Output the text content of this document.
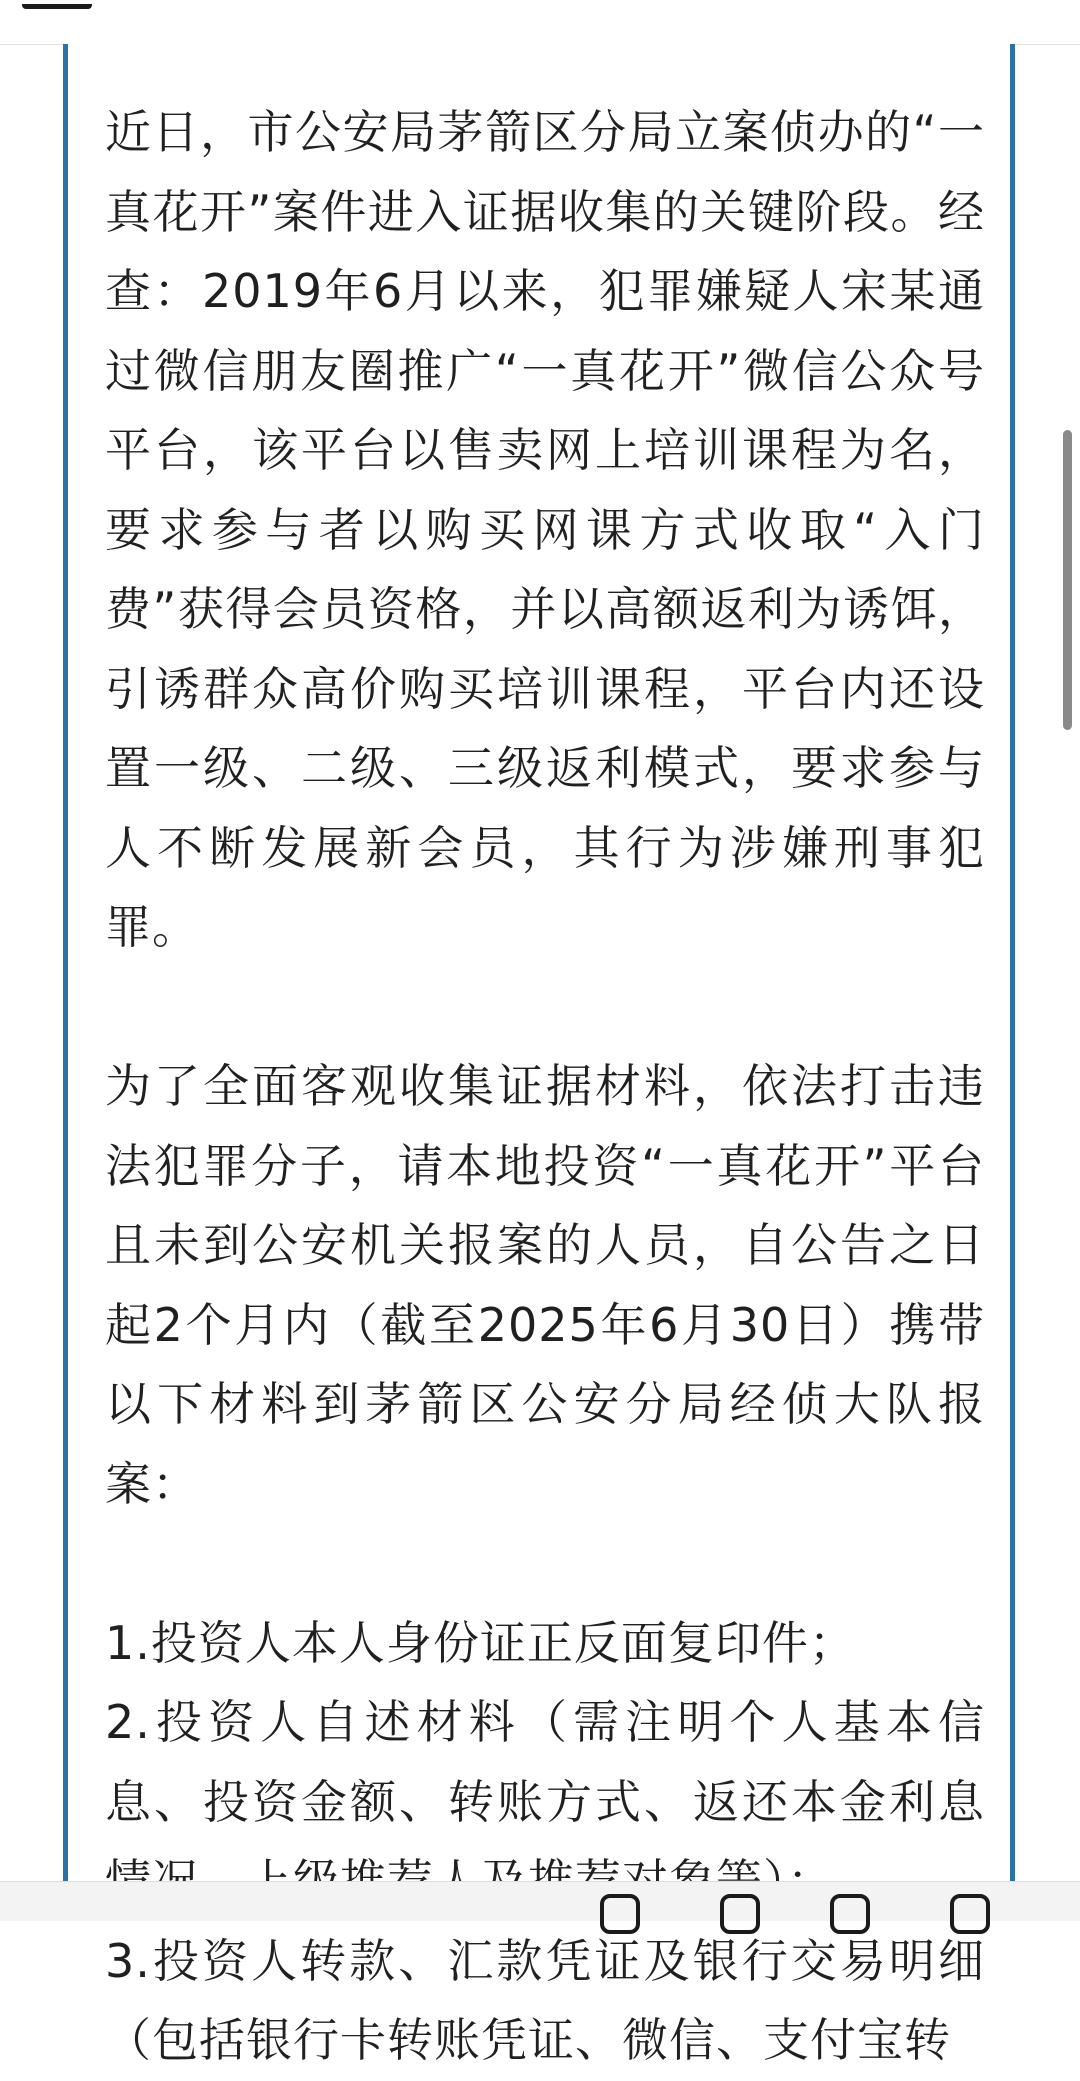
近日，市公安局茅箭区分局立案侦办的“一真花开”案件进入证据收集的关键阶段。经查：2019年6月以来，犯罪嫌疑人宋某通过微信朋友圈推广“一真花开”微信公众号平台，该平台以售卖网上培训课程为名，要求参与者以购买网课方式收取“入门费”获得会员资格，并以高额返利为诱饵，引诱群众高价购买培训课程，平台内还设置一级、二级、三级返利模式，要求参与人不断发展新会员，其行为涉嫌刑事犯罪。

为了全面客观收集证据材料，依法打击违法犯罪分子，请本地投资“一真花开”平台且未到公安机关报案的人员，自公告之日起2个月内（截至2025年6月30日）携带以下材料到茅箭区公安分局经侦大队报案：

1.投资人本人身份证正反面复印件；

2.投资人自述材料（需注明个人基本信息、投资金额、转账方式、返还本金利息

3.投资人转款、汇款凭证及银行交易明细（包括银行卡转账凭证、微信、支付宝转
